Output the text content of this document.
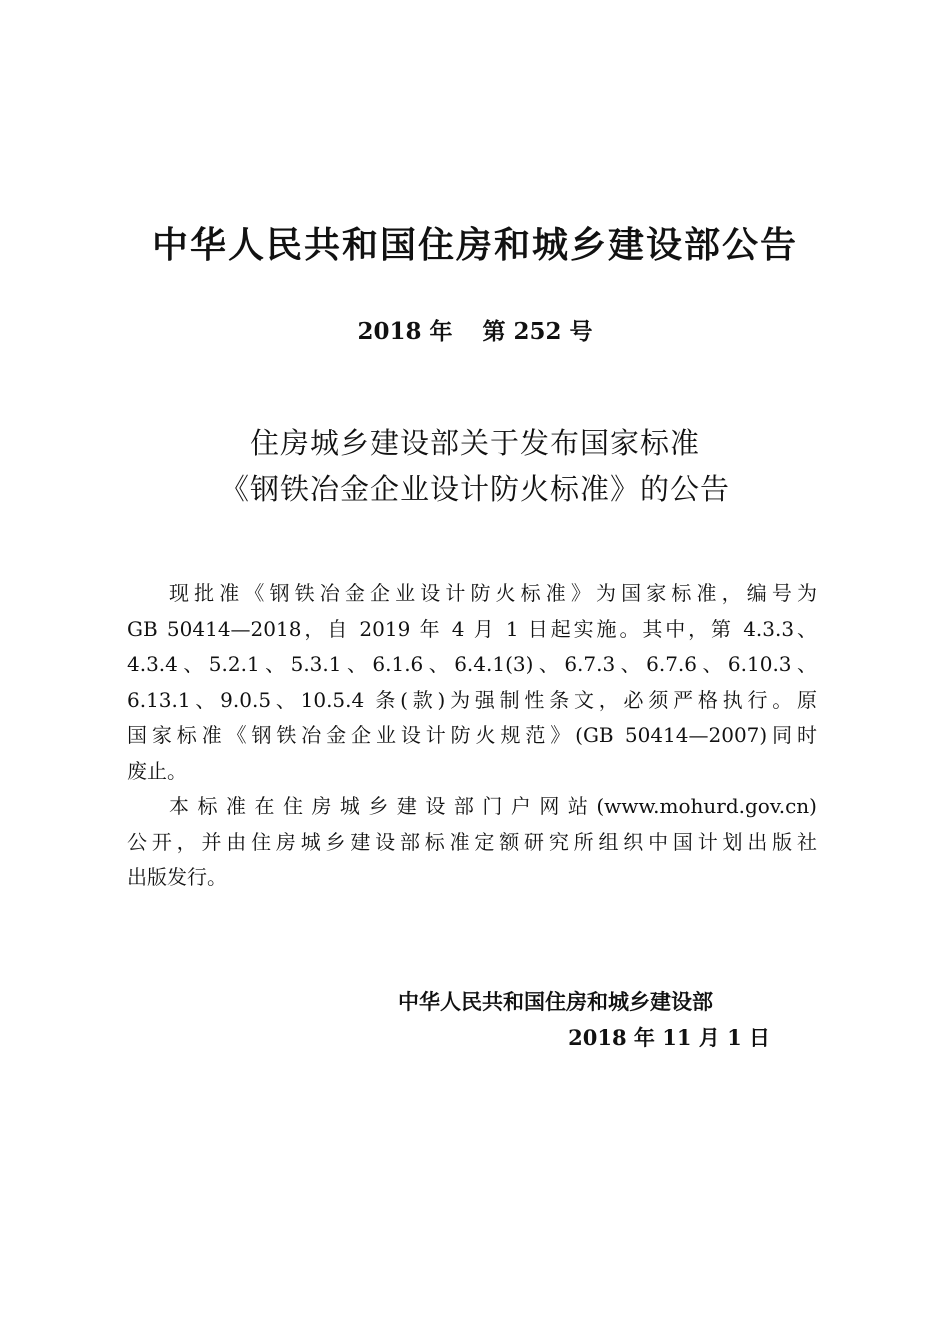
中华人民共和国住房和城乡建设部公告
2018 年 第 252 号
住房城乡建设部关于发布国家标准
《钢铁冶金企业设计防火标准》的公告
现批准《钢铁冶金企业设计防火标准》为国家标准，编号为
GB 50414—2018，自 2019 年 4 月 1 日起实施。其中，第 4.3.3、
4.3.4、5.2.1、5.3.1、6.1.6、6.4.1(3)、6.7.3、6.7.6、6.10.3、
6.13.1、9.0.5、10.5.4 条(款)为强制性条文，必须严格执行。原
国家标准《钢铁冶金企业设计防火规范》(GB 50414—2007)同时
废止。
本标准在住房城乡建设部门户网站(www.mohurd.gov.cn)
公开，并由住房城乡建设部标准定额研究所组织中国计划出版社
出版发行。
中华人民共和国住房和城乡建设部
2018 年 11 月 1 日
